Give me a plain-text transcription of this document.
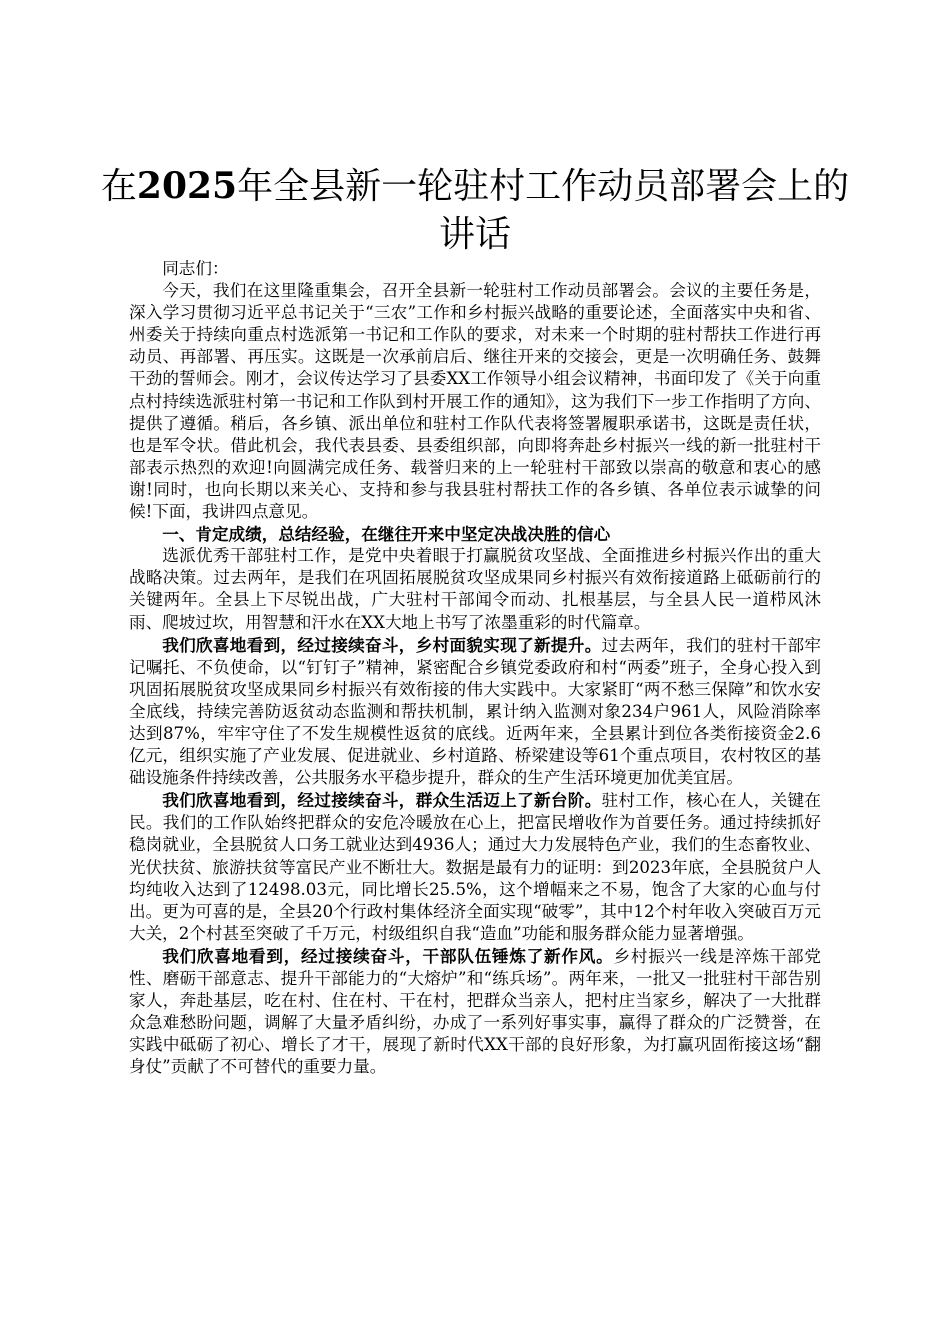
在2025年全县新一轮驻村工作动员部署会上的讲话

同志们：

今天，我们在这里隆重集会，召开全县新一轮驻村工作动员部署会。会议的主要任务是，深入学习贯彻习近平总书记关于“三农”工作和乡村振兴战略的重要论述，全面落实中央和省、州委关于持续向重点村选派第一书记和工作队的要求，对未来一个时期的驻村帮扶工作进行再动员、再部署、再压实。这既是一次承前启后、继往开来的交接会，更是一次明确任务、鼓舞干劲的誓师会。刚才，会议传达学习了县委XX工作领导小组会议精神，书面印发了《关于向重点村持续选派驻村第一书记和工作队到村开展工作的通知》，这为我们下一步工作指明了方向、提供了遵循。稍后，各乡镇、派出单位和驻村工作队代表将签署履职承诺书，这既是责任状，也是军令状。借此机会，我代表县委、县委组织部，向即将奔赴乡村振兴一线的新一批驻村干部表示热烈的欢迎!向圆满完成任务、载誉归来的上一轮驻村干部致以崇高的敬意和衷心的感谢!同时，也向长期以来关心、支持和参与我县驻村帮扶工作的各乡镇、各单位表示诚挚的问候!下面，我讲四点意见。

一、肯定成绩，总结经验，在继往开来中坚定决战决胜的信心

选派优秀干部驻村工作，是党中央着眼于打赢脱贫攻坚战、全面推进乡村振兴作出的重大战略决策。过去两年，是我们在巩固拓展脱贫攻坚成果同乡村振兴有效衔接道路上砥砺前行的关键两年。全县上下尽锐出战，广大驻村干部闻令而动、扎根基层，与全县人民一道栉风沐雨、爬坡过坎，用智慧和汗水在XX大地上书写了浓墨重彩的时代篇章。

我们欣喜地看到，经过接续奋斗，乡村面貌实现了新提升。过去两年，我们的驻村干部牢记嘱托、不负使命，以“钉钉子”精神，紧密配合乡镇党委政府和村“两委”班子，全身心投入到巩固拓展脱贫攻坚成果同乡村振兴有效衔接的伟大实践中。大家紧盯“两不愁三保障”和饮水安全底线，持续完善防返贫动态监测和帮扶机制，累计纳入监测对象234户961人，风险消除率达到87%，牢牢守住了不发生规模性返贫的底线。近两年来，全县累计到位各类衔接资金2.6亿元，组织实施了产业发展、促进就业、乡村道路、桥梁建设等61个重点项目，农村牧区的基础设施条件持续改善，公共服务水平稳步提升，群众的生产生活环境更加优美宜居。

我们欣喜地看到，经过接续奋斗，群众生活迈上了新台阶。驻村工作，核心在人，关键在民。我们的工作队始终把群众的安危冷暖放在心上，把富民增收作为首要任务。通过持续抓好稳岗就业，全县脱贫人口务工就业达到4936人；通过大力发展特色产业，我们的生态畜牧业、光伏扶贫、旅游扶贫等富民产业不断壮大。数据是最有力的证明：到2023年底，全县脱贫户人均纯收入达到了12498.03元，同比增长25.5%，这个增幅来之不易，饱含了大家的心血与付出。更为可喜的是，全县20个行政村集体经济全面实现“破零”，其中12个村年收入突破百万元大关，2个村甚至突破了千万元，村级组织自我“造血”功能和服务群众能力显著增强。

我们欣喜地看到，经过接续奋斗，干部队伍锤炼了新作风。乡村振兴一线是淬炼干部党性、磨砺干部意志、提升干部能力的“大熔炉”和“练兵场”。两年来，一批又一批驻村干部告别家人，奔赴基层，吃在村、住在村、干在村，把群众当亲人，把村庄当家乡，解决了一大批群众急难愁盼问题，调解了大量矛盾纠纷，办成了一系列好事实事，赢得了群众的广泛赞誉，在实践中砥砺了初心、增长了才干，展现了新时代XX干部的良好形象，为打赢巩固衔接这场“翻身仗”贡献了不可替代的重要力量。
